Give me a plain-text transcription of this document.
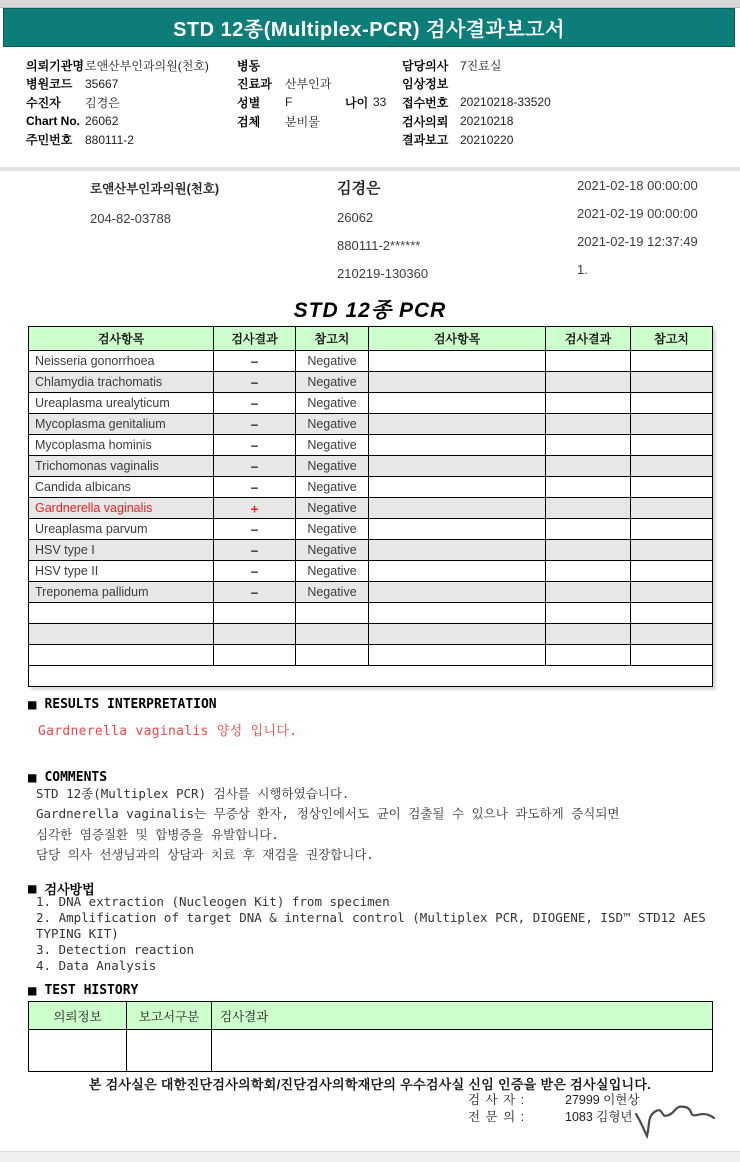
STD 12종(Multiplex-PCR) 검사결과보고서
의뢰기관명 로앤산부인과의원(천호)
병원코드	35667
수진자	김경은
Chart No. 26062
주민번호	880111-2
병동
진료과	산부인과
성별	F	나이 33
검체	분비물
담당의사 7진료실
임상정보
접수번호 20210218-33520
검사의뢰 20210218
결과보고 20210220
로앤산부인과의원(천호)
204-82-03788
김경은
26062
880111-2******
210219-130360
2021-02-18 00:00:00
2021-02-19 00:00:00
2021-02-19 12:37:49
1.
STD 12종 PCR
검사항목	검사결과	참고치	검사항목	검사결과	참고치
Neisseria gonorrhoea	−	Negative			
Chlamydia trachomatis	−	Negative			
Ureaplasma urealyticum	−	Negative			
Mycoplasma genitalium	−	Negative			
Mycoplasma hominis	−	Negative			
Trichomonas vaginalis	−	Negative			
Candida albicans	−	Negative			
Gardnerella vaginalis	+	Negative			
Ureaplasma parvum	−	Negative			
HSV type I	−	Negative			
HSV type II	−	Negative			
Treponema pallidum	−	Negative			

■ RESULTS INTERPRETATION
Gardnerella vaginalis 양성 입니다.
■ COMMENTS
STD 12종(Multiplex PCR) 검사를 시행하였습니다.
Gardnerella vaginalis는 무증상 환자, 정상인에서도 균이 검출될 수 있으나 과도하게 증식되면
심각한 염증질환 및 합병증을 유발합니다.
담당 의사 선생님과의 상담과 치료 후 재검을 권장합니다.
■ 검사방법
1. DNA extraction (Nucleogen Kit) from specimen
2. Amplification of target DNA & internal control (Multiplex PCR, DIOGENE, ISD™ STD12 AES TYPING KIT)
3. Detection reaction
4. Data Analysis
■ TEST HISTORY
의뢰정보	보고서구분	검사결과

본 검사실은 대한진단검사의학회/진단검사의학재단의 우수검사실 신임 인증을 받은 검사실입니다.
검 사 자 :	27999 이현상
전 문 의 :	1083 김형년
